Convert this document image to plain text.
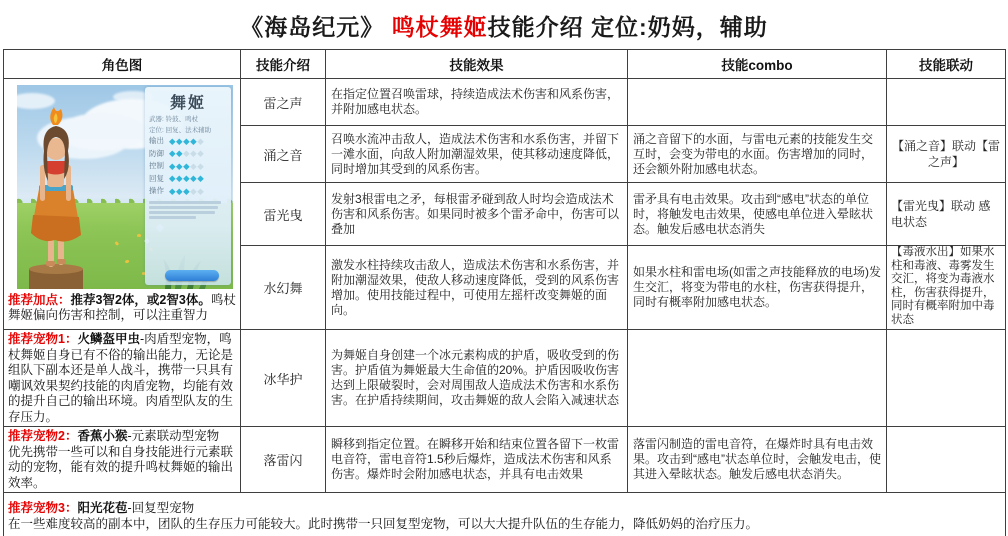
《海岛纪元》 鸣杖舞姬技能介绍 定位:奶妈，辅助
角色图	技能介绍	技能效果	技能combo	技能联动

舞姬
武器: 铃鼓、鸣杖
定位: 回复、法术辅助
输出 ◆◆◆◆◆
防御 ◆◆◆◆◆
控制 ◆◆◆◆◆
回复 ◆◆◆◆◆
操作 ◆◆◆◆◆

推荐加点：推荐3智2体，或2智3体。鸣杖舞姬偏向伤害和控制，可以注重智力

	雷之声	在指定位置召唤雷球，持续造成法术伤害和风系伤害，并附加感电状态。		
	涌之音	召唤水流冲击敌人，造成法术伤害和水系伤害，并留下一滩水面，向敌人附加潮湿效果，使其移动速度降低，同时增加其受到的风系伤害。	涌之音留下的水面，与雷电元素的技能发生交互时，会变为带电的水面。伤害增加的同时，还会额外附加感电状态。	【涌之音】联动【雷之声】
	雷光曳	发射3根雷电之矛，每根雷矛碰到敌人时均会造成法术伤害和风系伤害。如果同时被多个雷矛命中，伤害可以叠加	雷矛具有电击效果。攻击到“感电”状态的单位时，将触发电击效果，使感电单位进入晕眩状态。触发后感电状态消失	【雷光曳】联动 感电状态
	水幻舞	激发水柱持续攻击敌人，造成法术伤害和水系伤害，并附加潮湿效果，使敌人移动速度降低，受到的风系伤害增加。使用技能过程中，可使用左摇杆改变舞姬的面向。	如果水柱和雷电场(如雷之声技能释放的电场)发生交汇，将变为带电的水柱，伤害获得提升，同时有概率附加感电状态。	【毒液水出】如果水柱和毒液、毒雾发生交汇，将变为毒液水柱，伤害获得提升，同时有概率附加中毒状态

推荐宠物1：火鳞盔甲虫-肉盾型宠物，鸣杖舞姬自身已有不俗的输出能力，无论是组队下副本还是单人战斗，携带一只具有嘲讽效果契约技能的肉盾宠物，均能有效的提升自己的输出环境。肉盾型队友的生存压力。	冰华护	为舞姬自身创建一个冰元素构成的护盾，吸收受到的伤害。护盾值为舞姬最大生命值的20%。护盾因吸收伤害达到上限破裂时，会对周围敌人造成法术伤害和水系伤害。在护盾持续期间，攻击舞姬的敌人会陷入减速状态		

推荐宠物2：香蕉小猴-元素联动型宠物
优先携带一些可以和自身技能进行元素联动的宠物，能有效的提升鸣杖舞姬的输出效率。	落雷闪	瞬移到指定位置。在瞬移开始和结束位置各留下一枚雷电音符，雷电音符1.5秒后爆炸，造成法术伤害和风系伤害。爆炸时会附加感电状态，并具有电击效果	落雷闪制造的雷电音符，在爆炸时具有电击效果。攻击到“感电”状态单位时，会触发电击，使其进入晕眩状态。触发后感电状态消失。	

推荐宠物3：阳光花苞-回复型宠物
在一些难度较高的副本中，团队的生存压力可能较大。此时携带一只回复型宠物，可以大大提升队伍的生存能力，降低奶妈的治疗压力。				
